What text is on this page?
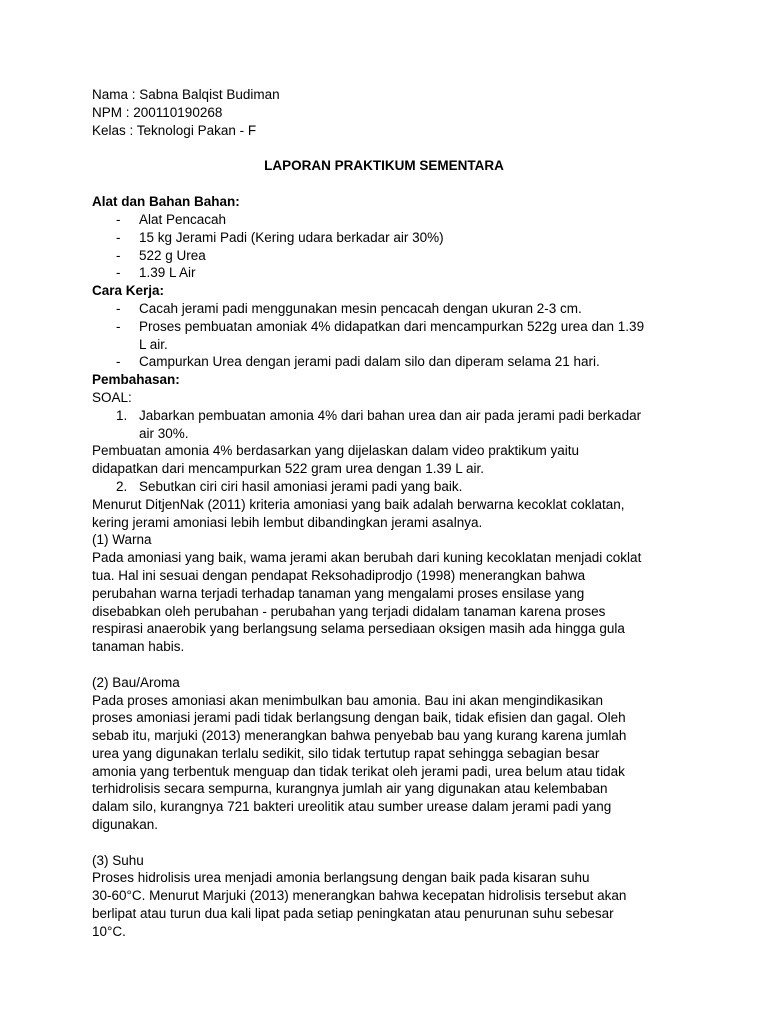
Nama : Sabna Balqist Budiman

NPM : 200110190268

Kelas : Teknologi Pakan - F

LAPORAN PRAKTIKUM SEMENTARA

Alat dan Bahan Bahan:

- Alat Pencacah
- 15 kg Jerami Padi (Kering udara berkadar air 30%)
- 522 g Urea
- 1.39 L Air

Cara Kerja:

- Cacah jerami padi menggunakan mesin pencacah dengan ukuran 2-3 cm.
- Proses pembuatan amoniak 4% didapatkan dari mencampurkan 522g urea dan 1.39
L air.
- Campurkan Urea dengan jerami padi dalam silo dan diperam selama 21 hari.

Pembahasan:

SOAL:

1. Jabarkan pembuatan amonia 4% dari bahan urea dan air pada jerami padi berkadar
air 30%.
Pembuatan amonia 4% berdasarkan yang dijelaskan dalam video praktikum yaitu
didapatkan dari mencampurkan 522 gram urea dengan 1.39 L air.
2. Sebutkan ciri ciri hasil amoniasi jerami padi yang baik.
Menurut DitjenNak (2011) kriteria amoniasi yang baik adalah berwarna kecoklat coklatan,
kering jerami amoniasi lebih lembut dibandingkan jerami asalnya.

(1) Warna

Pada amoniasi yang baik, wama jerami akan berubah dari kuning kecoklatan menjadi coklat
tua. Hal ini sesuai dengan pendapat Reksohadiprodjo (1998) menerangkan bahwa
perubahan warna terjadi terhadap tanaman yang mengalami proses ensilase yang
disebabkan oleh perubahan - perubahan yang terjadi didalam tanaman karena proses
respirasi anaerobik yang berlangsung selama persediaan oksigen masih ada hingga gula
tanaman habis.

(2) Bau/Aroma

Pada proses amoniasi akan menimbulkan bau amonia. Bau ini akan mengindikasikan
proses amoniasi jerami padi tidak berlangsung dengan baik, tidak efisien dan gagal. Oleh
sebab itu, marjuki (2013) menerangkan bahwa penyebab bau yang kurang karena jumlah
urea yang digunakan terlalu sedikit, silo tidak tertutup rapat sehingga sebagian besar
amonia yang terbentuk menguap dan tidak terikat oleh jerami padi, urea belum atau tidak
terhidrolisis secara sempurna, kurangnya jumlah air yang digunakan atau kelembaban
dalam silo, kurangnya 721 bakteri ureolitik atau sumber urease dalam jerami padi yang
digunakan.

(3) Suhu

Proses hidrolisis urea menjadi amonia berlangsung dengan baik pada kisaran suhu
30-60°C. Menurut Marjuki (2013) menerangkan bahwa kecepatan hidrolisis tersebut akan
berlipat atau turun dua kali lipat pada setiap peningkatan atau penurunan suhu sebesar
10°C.
